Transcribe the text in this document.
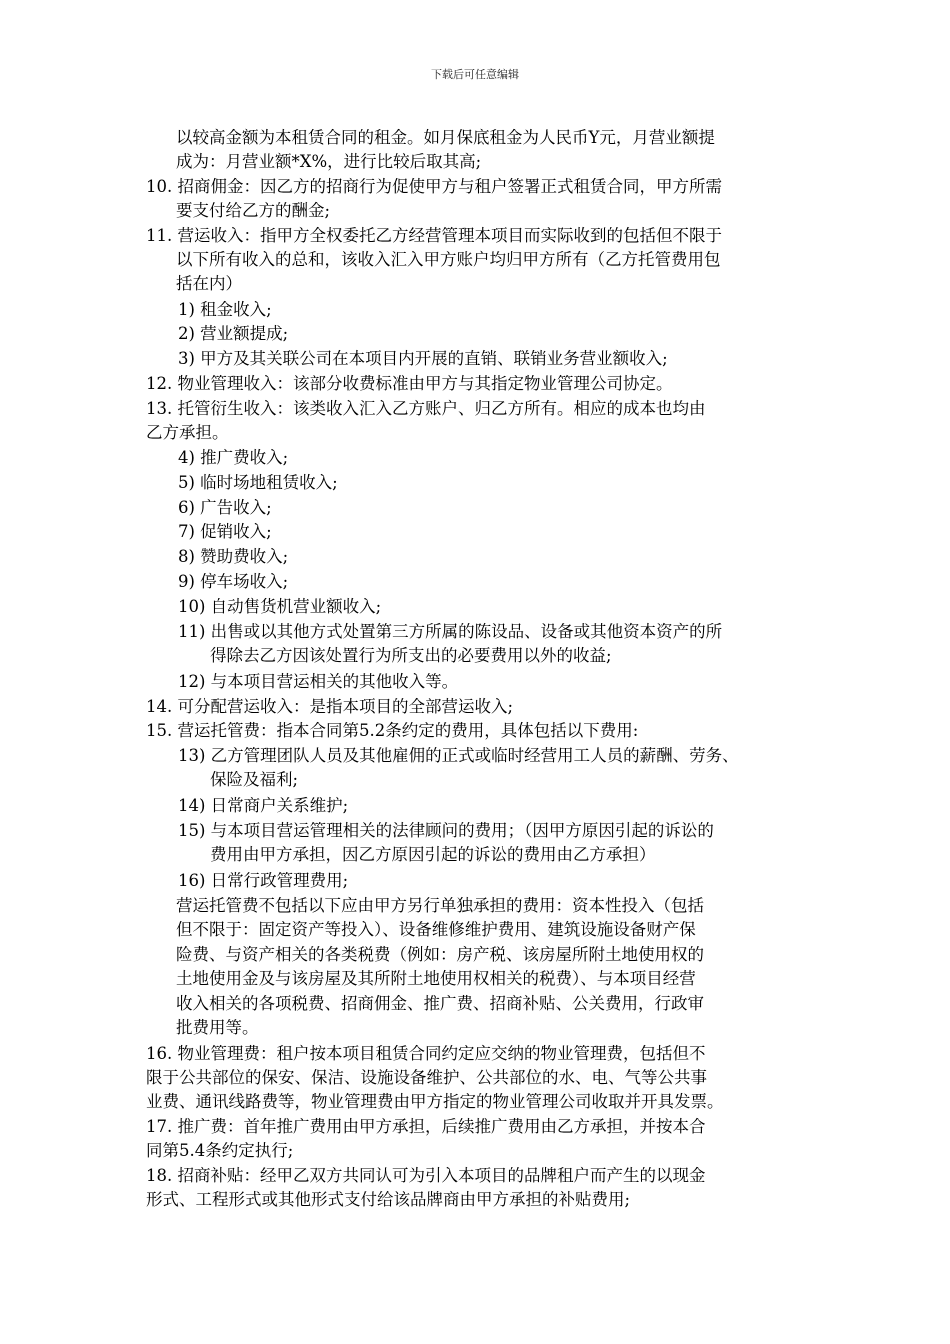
下载后可任意编辑
以较高金额为本租赁合同的租金。如月保底租金为人民币Y元，月营业额提
成为：月营业额*X%，进行比较后取其高;
10. 招商佣金：因乙方的招商行为促使甲方与租户签署正式租赁合同，甲方所需
要支付给乙方的酬金;
11. 营运收入：指甲方全权委托乙方经营管理本项目而实际收到的包括但不限于
以下所有收入的总和，该收入汇入甲方账户均归甲方所有（乙方托管费用包
括在内）
1) 租金收入;
2) 营业额提成;
3) 甲方及其关联公司在本项目内开展的直销、联销业务营业额收入;
12. 物业管理收入：该部分收费标准由甲方与其指定物业管理公司协定。
13. 托管衍生收入：该类收入汇入乙方账户、归乙方所有。相应的成本也均由
乙方承担。
4) 推广费收入;
5) 临时场地租赁收入;
6) 广告收入;
7) 促销收入;
8) 赞助费收入;
9) 停车场收入;
10) 自动售货机营业额收入;
11) 出售或以其他方式处置第三方所属的陈设品、设备或其他资本资产的所
得除去乙方因该处置行为所支出的必要费用以外的收益;
12) 与本项目营运相关的其他收入等。
14. 可分配营运收入：是指本项目的全部营运收入;
15. 营运托管费：指本合同第5.2条约定的费用，具体包括以下费用:
13) 乙方管理团队人员及其他雇佣的正式或临时经营用工人员的薪酬、劳务、
保险及福利;
14) 日常商户关系维护;
15) 与本项目营运管理相关的法律顾问的费用；（因甲方原因引起的诉讼的
费用由甲方承担，因乙方原因引起的诉讼的费用由乙方承担）
16) 日常行政管理费用;
营运托管费不包括以下应由甲方另行单独承担的费用：资本性投入（包括
但不限于：固定资产等投入）、设备维修维护费用、建筑设施设备财产保
险费、与资产相关的各类税费（例如：房产税、该房屋所附土地使用权的
土地使用金及与该房屋及其所附土地使用权相关的税费）、与本项目经营
收入相关的各项税费、招商佣金、推广费、招商补贴、公关费用，行政审
批费用等。
16. 物业管理费：租户按本项目租赁合同约定应交纳的物业管理费，包括但不
限于公共部位的保安、保洁、设施设备维护、公共部位的水、电、气等公共事
业费、通讯线路费等，物业管理费由甲方指定的物业管理公司收取并开具发票。
17. 推广费：首年推广费用由甲方承担，后续推广费用由乙方承担，并按本合
同第5.4条约定执行;
18. 招商补贴：经甲乙双方共同认可为引入本项目的品牌租户而产生的以现金
形式、工程形式或其他形式支付给该品牌商由甲方承担的补贴费用;
